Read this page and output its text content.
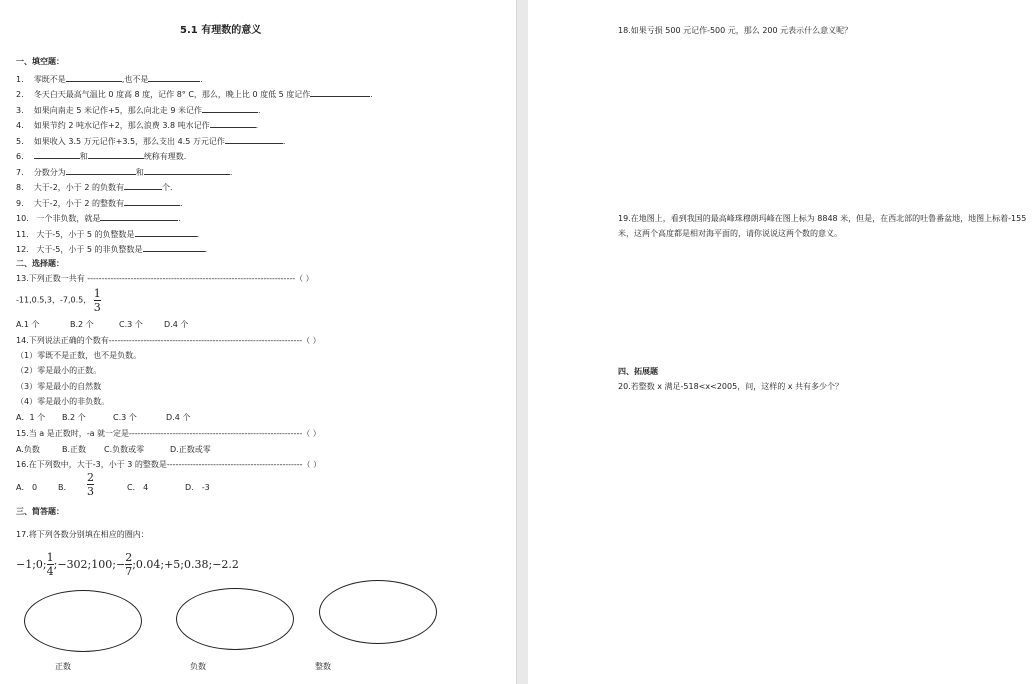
5.1 有理数的意义
一、填空题：
1. 零既不是	,也不是	.
2. 冬天白天最高气温比 0 度高 8 度，记作 8° C，那么，晚上比 0 度低 5 度记作	.
3. 如果向南走 5 米记作+5，那么向北走 9 米记作	.
4. 如果节约 2 吨水记作+2，那么浪费 3.8 吨水记作	.
5. 如果收入 3.5 万元记作+3.5，那么支出 4.5 万元记作	.
6.	和	统称有理数.
7. 分数分为	和	.
8. 大于-2，小于 2 的负数有	个.
9. 大于-2，小于 2 的整数有	.
10. 一个非负数，就是	.
11. 大于-5，小于 5 的负整数是	.
12. 大于-5，小于 5 的非负整数是	.
二、选择题：
13.下列正数一共有 ------------------------------------------------------------------------（ ）
-11,0.5,3，-7,0.5， $\frac{1}{3}$
A.1 个	B.2 个	C.3 个	D.4 个
14.下列说法正确的个数有-------------------------------------------------------------------（ ）
（1）零既不是正数，也不是负数。
（2）零是最小的正数。
（3）零是最小的自然数
（4）零是最小的非负数。
A．1 个 B.2 个	C.3 个	D.4 个
15.当 a 是正数时，-a 就一定是------------------------------------------------------------（ ）
A.负数	B.正数 C.负数或零	D.正数或零
16.在下列数中，大于-3，小于 3 的整数是-----------------------------------------------（ ）
A． 0	B. $\frac{2}{3}$	C． 4	D． -3
三、简答题：
17.将下列各数分别填在相应的圈内：
−1;0; $\frac{1}{4}$ ;−302;100;− $\frac{2}{7}$ ;0.04;+5;0.38;−2.2
正数	负数	整数
18.如果亏损 500 元记作-500 元，那么 200 元表示什么意义呢？
19.在地图上，看到我国的最高峰珠穆朗玛峰在图上标为 8848 米，但是，在西北部的吐鲁番盆地，地图上标着-155 米，这两个高度都是相对海平面的，请你说说这两个数的意义。
四、拓展题
20.若整数 x 满足-518<x<2005，问，这样的 x 共有多少个？
